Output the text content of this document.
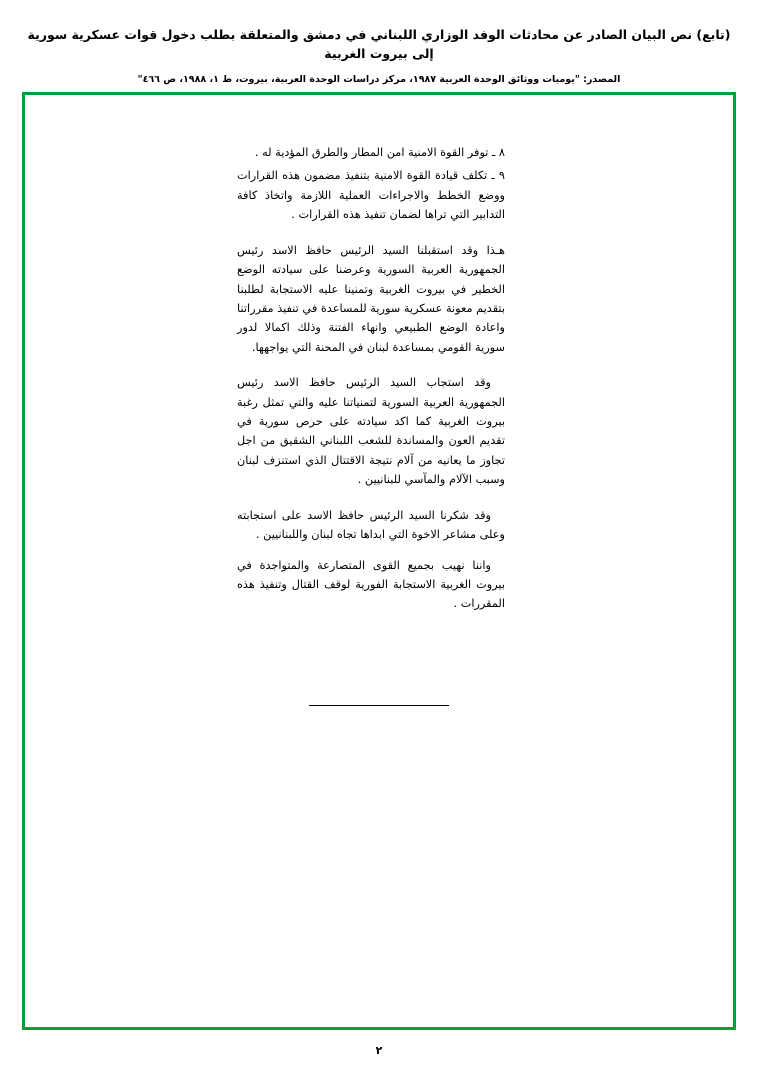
(تابع) نص البيان الصادر عن محادثات الوفد الوزاري اللبناني في دمشق والمتعلقة بطلب دخول قوات عسكرية سورية إلى بيروت الغربية
المصدر: "يوميات ووثائق الوحدة العربية ١٩٨٧، مركز دراسات الوحدة العربية، بيروت، ط ١، ١٩٨٨، ص ٤٦٦"

٨ ـ توفر القوة الامنية امن المطار والطرق المؤدية له .

٩ ـ تكلف قيادة القوة الامنية بتنفيذ مضمون هذه القرارات ووضع الخطط والاجراءات العملية اللازمة واتخاذ كافة التدابير التي تراها لضمان تنفيذ هذه القرارات .

هـذا وقد استقبلنا السيد الرئيس حافظ الاسد رئيس الجمهورية العربية السورية وعرضنا على سيادته الوضع الخطير في بيروت الغربية وتمنينا عليه الاستجابة لطلبنا بتقديم معونة عسكرية سورية للمساعدة في تنفيذ مقرراتنا واعادة الوضع الطبيعي وانهاء الفتنة وذلك اكمالا لدور سورية القومي بمساعدة لبنان في المحنة التي يواجهها.

وقد استجاب السيد الرئيس حافظ الاسد رئيس الجمهورية العربية السورية لتمنياتنا عليه والتي تمثل رغبة بيروت الغربية كما اكد سيادته على حرص سورية في تقديم العون والمساندة للشعب اللبناني الشقيق من اجل تجاوز ما يعانيه من آلام نتيجة الاقتتال الذي استنزف لبنان وسبب الآلام والمآسي للبنانيين .

وقد شكرنا السيد الرئيس حافظ الاسد على استجابته وعلى مشاعر الاخوة التي ابداها تجاه لبنان واللبنانيين .

واننا نهيب بجميع القوى المتصارعة والمتواجدة في بيروت الغربية الاستجابة الفورية لوقف القتال وتنفيذ هذه المقررات .

٢
